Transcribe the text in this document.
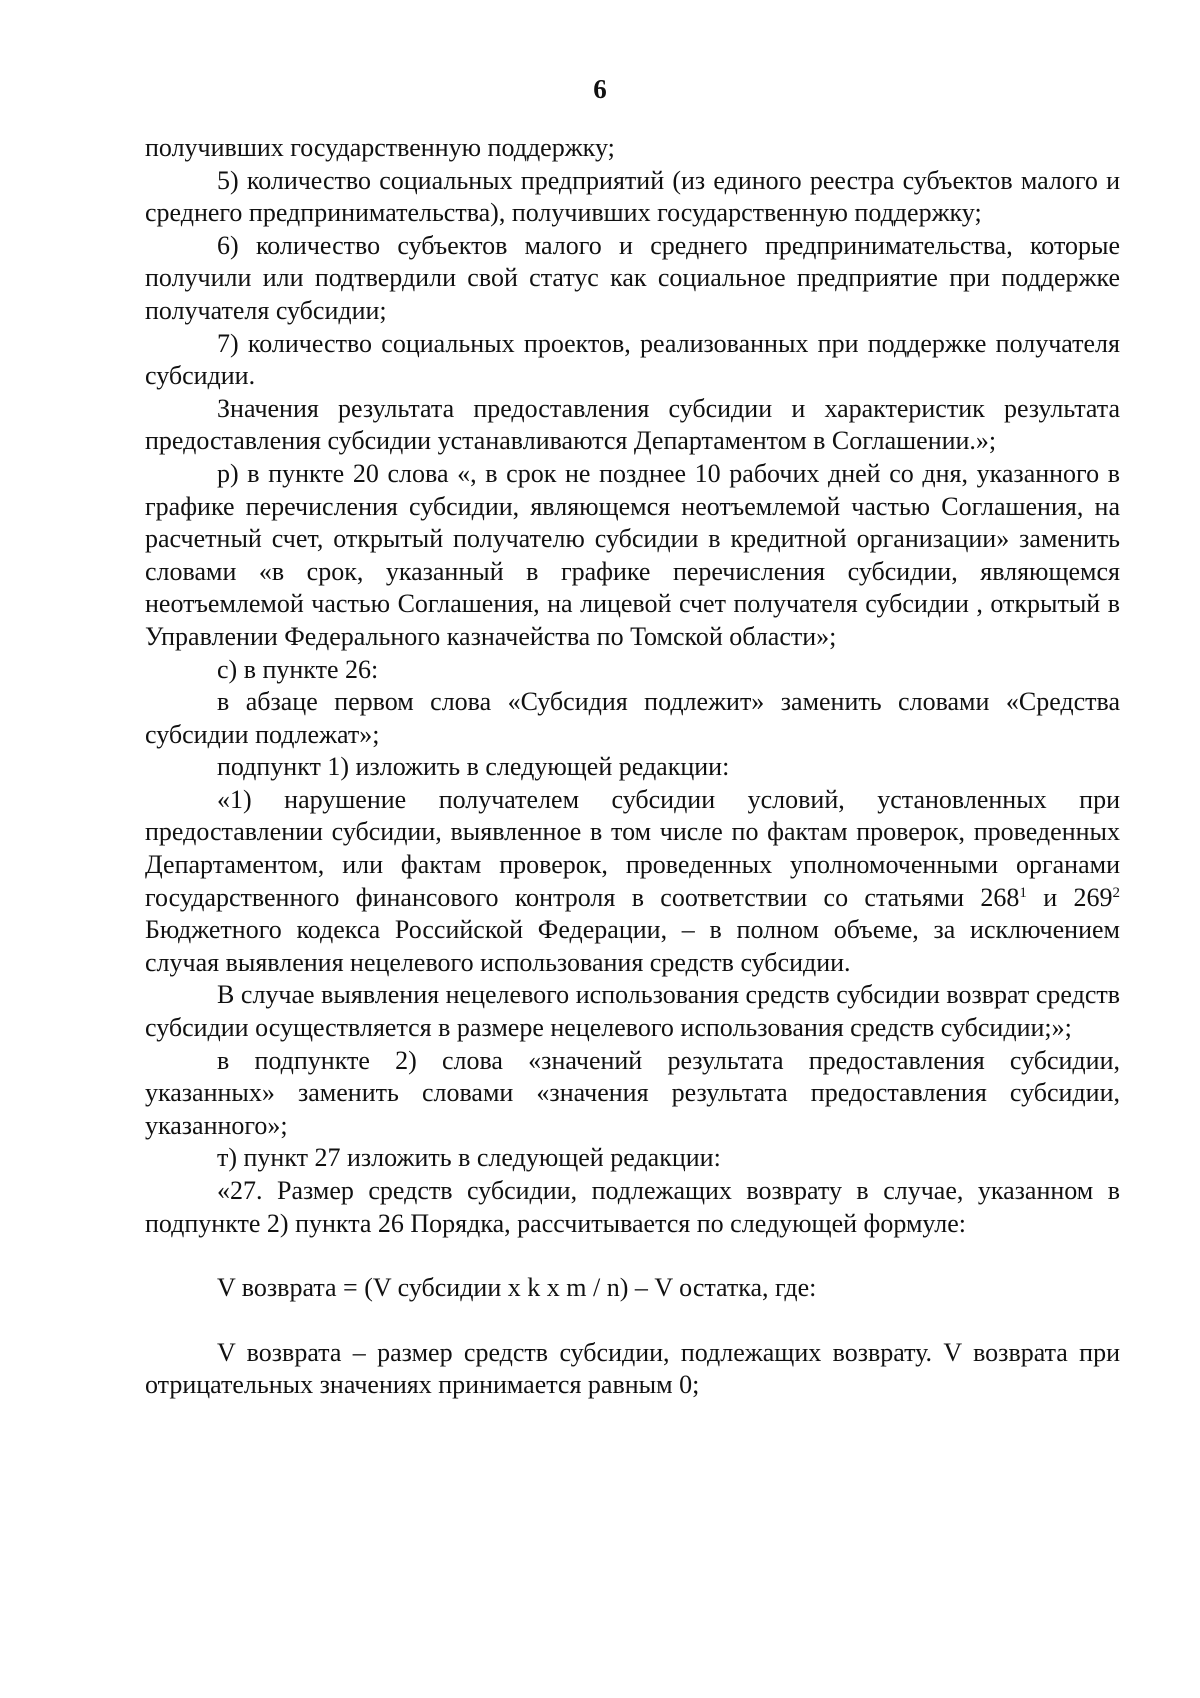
6

получивших государственную поддержку;

5) количество социальных предприятий (из единого реестра субъектов малого и среднего предпринимательства), получивших государственную поддержку;

6) количество субъектов малого и среднего предпринимательства, которые получили или подтвердили свой статус как социальное предприятие при поддержке получателя субсидии;

7) количество социальных проектов, реализованных при поддержке получателя субсидии.

Значения результата предоставления субсидии и характеристик результата предоставления субсидии устанавливаются Департаментом в Соглашении.»;

р) в пункте 20 слова «, в срок не позднее 10 рабочих дней со дня, указанного в графике перечисления субсидии, являющемся неотъемлемой частью Соглашения, на расчетный счет, открытый получателю субсидии в кредитной организации» заменить словами «в срок, указанный в графике перечисления субсидии, являющемся неотъемлемой частью Соглашения, на лицевой счет получателя субсидии , открытый в Управлении Федерального казначейства по Томской области»;

с) в пункте 26:

в абзаце первом слова «Субсидия подлежит» заменить словами «Средства субсидии подлежат»;

подпункт 1) изложить в следующей редакции:

«1) нарушение получателем субсидии условий, установленных при предоставлении субсидии, выявленное в том числе по фактам проверок, проведенных Департаментом, или фактам проверок, проведенных уполномоченными органами государственного финансового контроля в соответствии со статьями $268^1$ и $269^2$ Бюджетного кодекса Российской Федерации, – в полном объеме, за исключением случая выявления нецелевого использования средств субсидии.

В случае выявления нецелевого использования средств субсидии возврат средств субсидии осуществляется в размере нецелевого использования средств субсидии;»;

в подпункте 2) слова «значений результата предоставления субсидии, указанных» заменить словами «значения результата предоставления субсидии, указанного»;

т) пункт 27 изложить в следующей редакции:

«27. Размер средств субсидии, подлежащих возврату в случае, указанном в подпункте 2) пункта 26 Порядка, рассчитывается по следующей формуле:

V возврата = (V субсидии x k x m / n) – V остатка, где:

V возврата – размер средств субсидии, подлежащих возврату. V возврата при отрицательных значениях принимается равным 0;
